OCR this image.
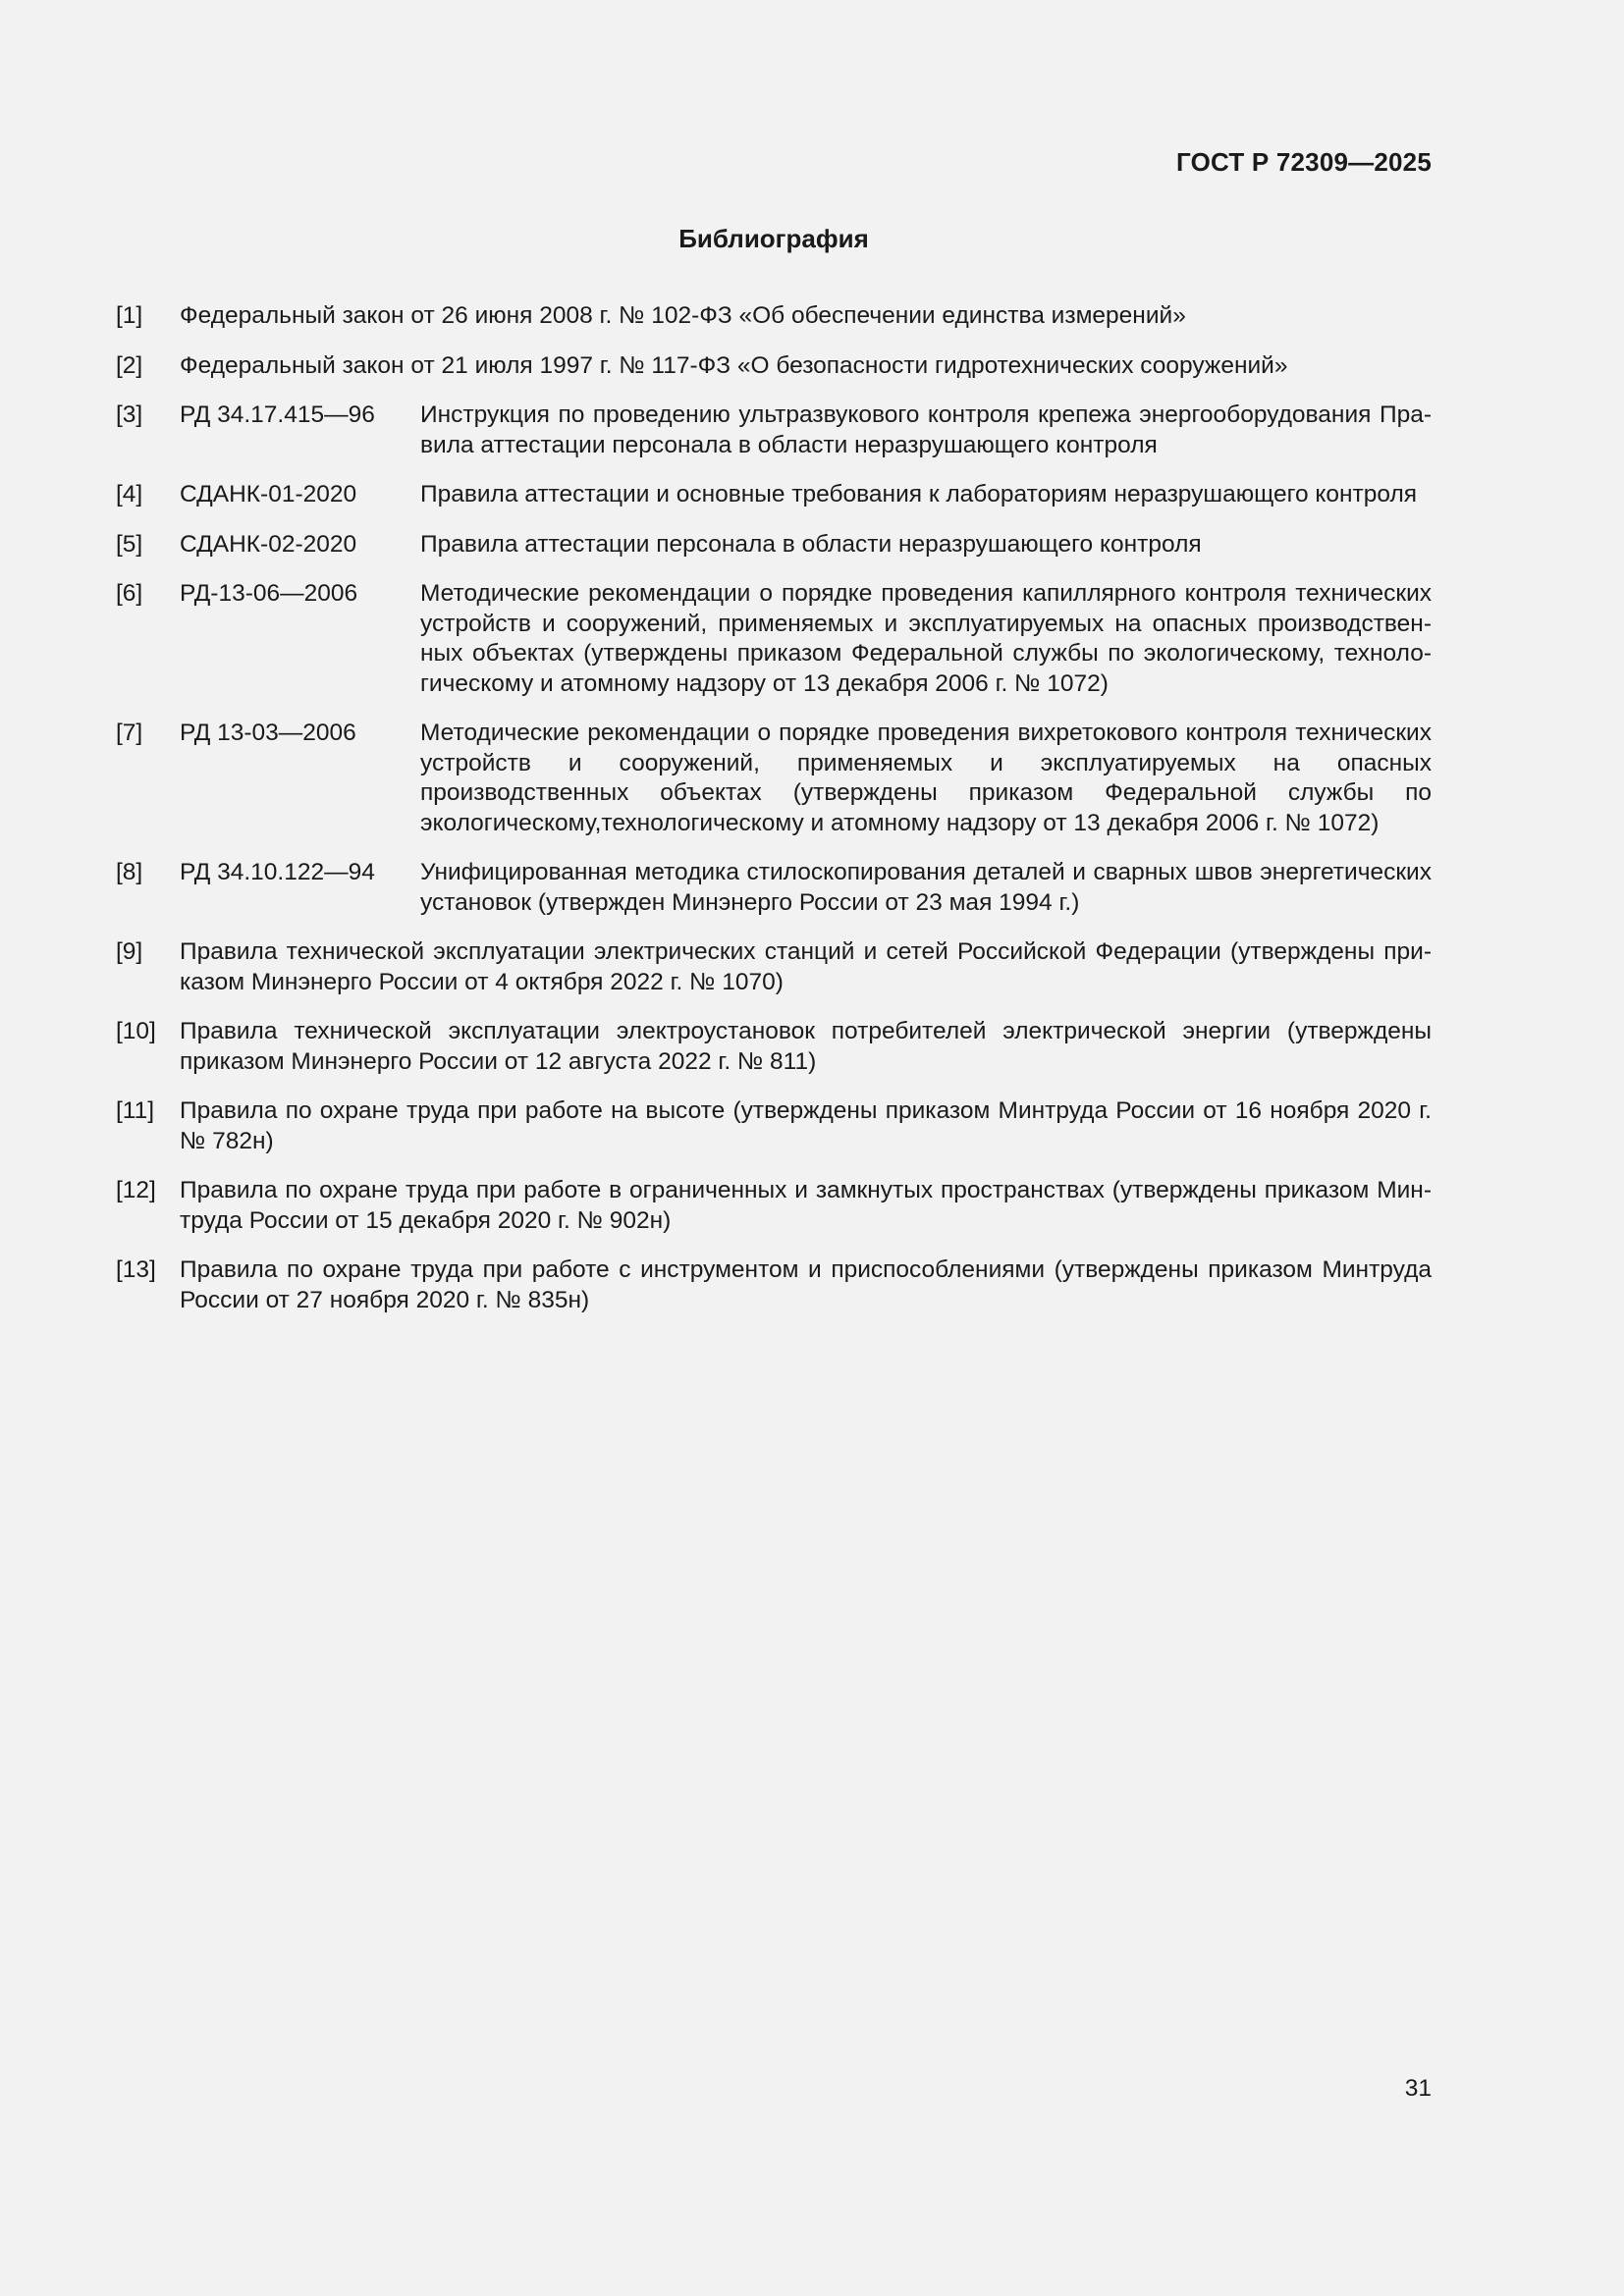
ГОСТ Р 72309—2025
Библиография
[1]	Федеральный закон от 26 июня 2008 г. № 102-ФЗ «Об обеспечении единства измерений»
[2]	Федеральный закон от 21 июля 1997 г. № 117-ФЗ «О безопасности гидротехнических сооружений»
[3]	РД 34.17.415—96	Инструкция по проведению ультразвукового контроля крепежа энергооборудования Правила аттестации персонала в области неразрушающего контроля
[4]	СДАНК-01-2020	Правила аттестации и основные требования к лабораториям неразрушающего контроля
[5]	СДАНК-02-2020	Правила аттестации персонала в области неразрушающего контроля
[6]	РД-13-06—2006	Методические рекомендации о порядке проведения капиллярного контроля технических устройств и сооружений, применяемых и эксплуатируемых на опасных производственных объектах (утверждены приказом Федеральной службы по экологическому, технологическому и атомному надзору от 13 декабря 2006 г. № 1072)
[7]	РД 13-03—2006	Методические рекомендации о порядке проведения вихретокового контроля технических устройств и сооружений, применяемых и эксплуатируемых на опасных производственных объектах (утверждены приказом Федеральной службы по экологическому,технологическому и атомному надзору от 13 декабря 2006 г. № 1072)
[8]	РД 34.10.122—94	Унифицированная методика стилоскопирования деталей и сварных швов энергетических установок (утвержден Минэнерго России от 23 мая 1994 г.)
[9]	Правила технической эксплуатации электрических станций и сетей Российской Федерации (утверждены приказом Минэнерго России от 4 октября 2022 г. № 1070)
[10] Правила технической эксплуатации электроустановок потребителей электрической энергии (утверждены приказом Минэнерго России от 12 августа 2022 г. № 811)
[11]	Правила по охране труда при работе на высоте (утверждены приказом Минтруда России от 16 ноября 2020 г. № 782н)
[12] Правила по охране труда при работе в ограниченных и замкнутых пространствах (утверждены приказом Минтруда России от 15 декабря 2020 г. № 902н)
[13] Правила по охране труда при работе с инструментом и приспособлениями (утверждены приказом Минтруда России от 27 ноября 2020 г. № 835н)
31
